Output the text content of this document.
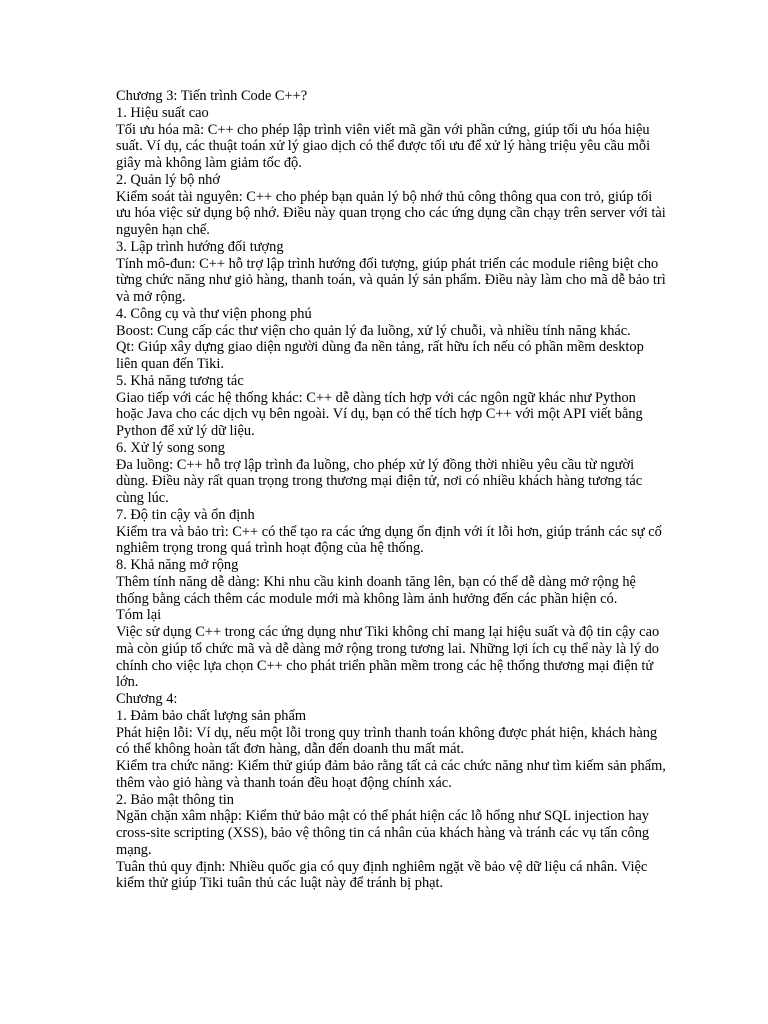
Chương 3: Tiến trình Code C++?

1. Hiệu suất cao

Tối ưu hóa mã: C++ cho phép lập trình viên viết mã gần với phần cứng, giúp tối ưu hóa hiệu suất. Ví dụ, các thuật toán xử lý giao dịch có thể được tối ưu để xử lý hàng triệu yêu cầu mỗi giây mà không làm giảm tốc độ.

2. Quản lý bộ nhớ

Kiểm soát tài nguyên: C++ cho phép bạn quản lý bộ nhớ thủ công thông qua con trỏ, giúp tối ưu hóa việc sử dụng bộ nhớ. Điều này quan trọng cho các ứng dụng cần chạy trên server với tài nguyên hạn chế.

3. Lập trình hướng đối tượng

Tính mô-đun: C++ hỗ trợ lập trình hướng đối tượng, giúp phát triển các module riêng biệt cho từng chức năng như giỏ hàng, thanh toán, và quản lý sản phẩm. Điều này làm cho mã dễ bảo trì và mở rộng.

4. Công cụ và thư viện phong phú

Boost: Cung cấp các thư viện cho quản lý đa luồng, xử lý chuỗi, và nhiều tính năng khác.

Qt: Giúp xây dựng giao diện người dùng đa nền tảng, rất hữu ích nếu có phần mềm desktop liên quan đến Tiki.

5. Khả năng tương tác

Giao tiếp với các hệ thống khác: C++ dễ dàng tích hợp với các ngôn ngữ khác như Python hoặc Java cho các dịch vụ bên ngoài. Ví dụ, bạn có thể tích hợp C++ với một API viết bằng Python để xử lý dữ liệu.

6. Xử lý song song

Đa luồng: C++ hỗ trợ lập trình đa luồng, cho phép xử lý đồng thời nhiều yêu cầu từ người dùng. Điều này rất quan trọng trong thương mại điện tử, nơi có nhiều khách hàng tương tác cùng lúc.

7. Độ tin cậy và ổn định

Kiểm tra và bảo trì: C++ có thể tạo ra các ứng dụng ổn định với ít lỗi hơn, giúp tránh các sự cố nghiêm trọng trong quá trình hoạt động của hệ thống.

8. Khả năng mở rộng

Thêm tính năng dễ dàng: Khi nhu cầu kinh doanh tăng lên, bạn có thể dễ dàng mở rộng hệ thống bằng cách thêm các module mới mà không làm ảnh hưởng đến các phần hiện có.

Tóm lại

Việc sử dụng C++ trong các ứng dụng như Tiki không chỉ mang lại hiệu suất và độ tin cậy cao mà còn giúp tổ chức mã và dễ dàng mở rộng trong tương lai. Những lợi ích cụ thể này là lý do chính cho việc lựa chọn C++ cho phát triển phần mềm trong các hệ thống thương mại điện tử lớn.

Chương 4:

1. Đảm bảo chất lượng sản phẩm

Phát hiện lỗi: Ví dụ, nếu một lỗi trong quy trình thanh toán không được phát hiện, khách hàng có thể không hoàn tất đơn hàng, dẫn đến doanh thu mất mát.

Kiểm tra chức năng: Kiểm thử giúp đảm bảo rằng tất cả các chức năng như tìm kiếm sản phẩm, thêm vào giỏ hàng và thanh toán đều hoạt động chính xác.

2. Bảo mật thông tin

Ngăn chặn xâm nhập: Kiểm thử bảo mật có thể phát hiện các lỗ hổng như SQL injection hay cross-site scripting (XSS), bảo vệ thông tin cá nhân của khách hàng và tránh các vụ tấn công mạng.

Tuân thủ quy định: Nhiều quốc gia có quy định nghiêm ngặt về bảo vệ dữ liệu cá nhân. Việc kiểm thử giúp Tiki tuân thủ các luật này để tránh bị phạt.
